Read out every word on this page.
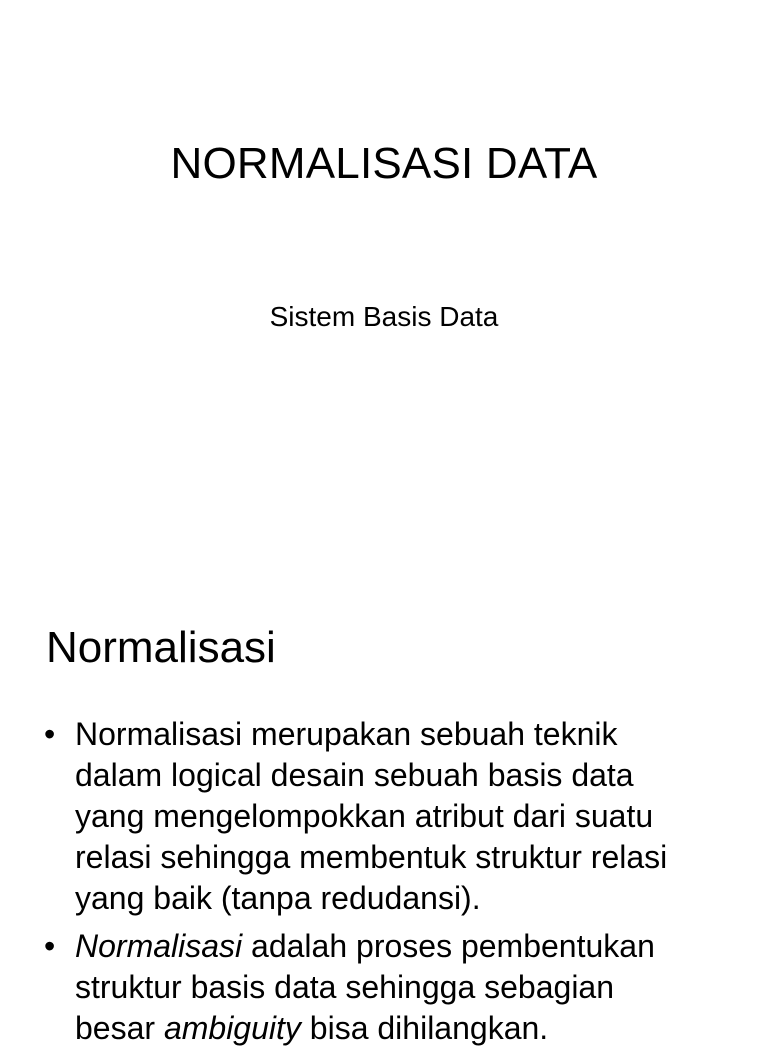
NORMALISASI DATA
Sistem Basis Data
Normalisasi
• Normalisasi merupakan sebuah teknik
dalam logical desain sebuah basis data
yang mengelompokkan atribut dari suatu
relasi sehingga membentuk struktur relasi
yang baik (tanpa redudansi).
• Normalisasi adalah proses pembentukan
struktur basis data sehingga sebagian
besar ambiguity bisa dihilangkan.
